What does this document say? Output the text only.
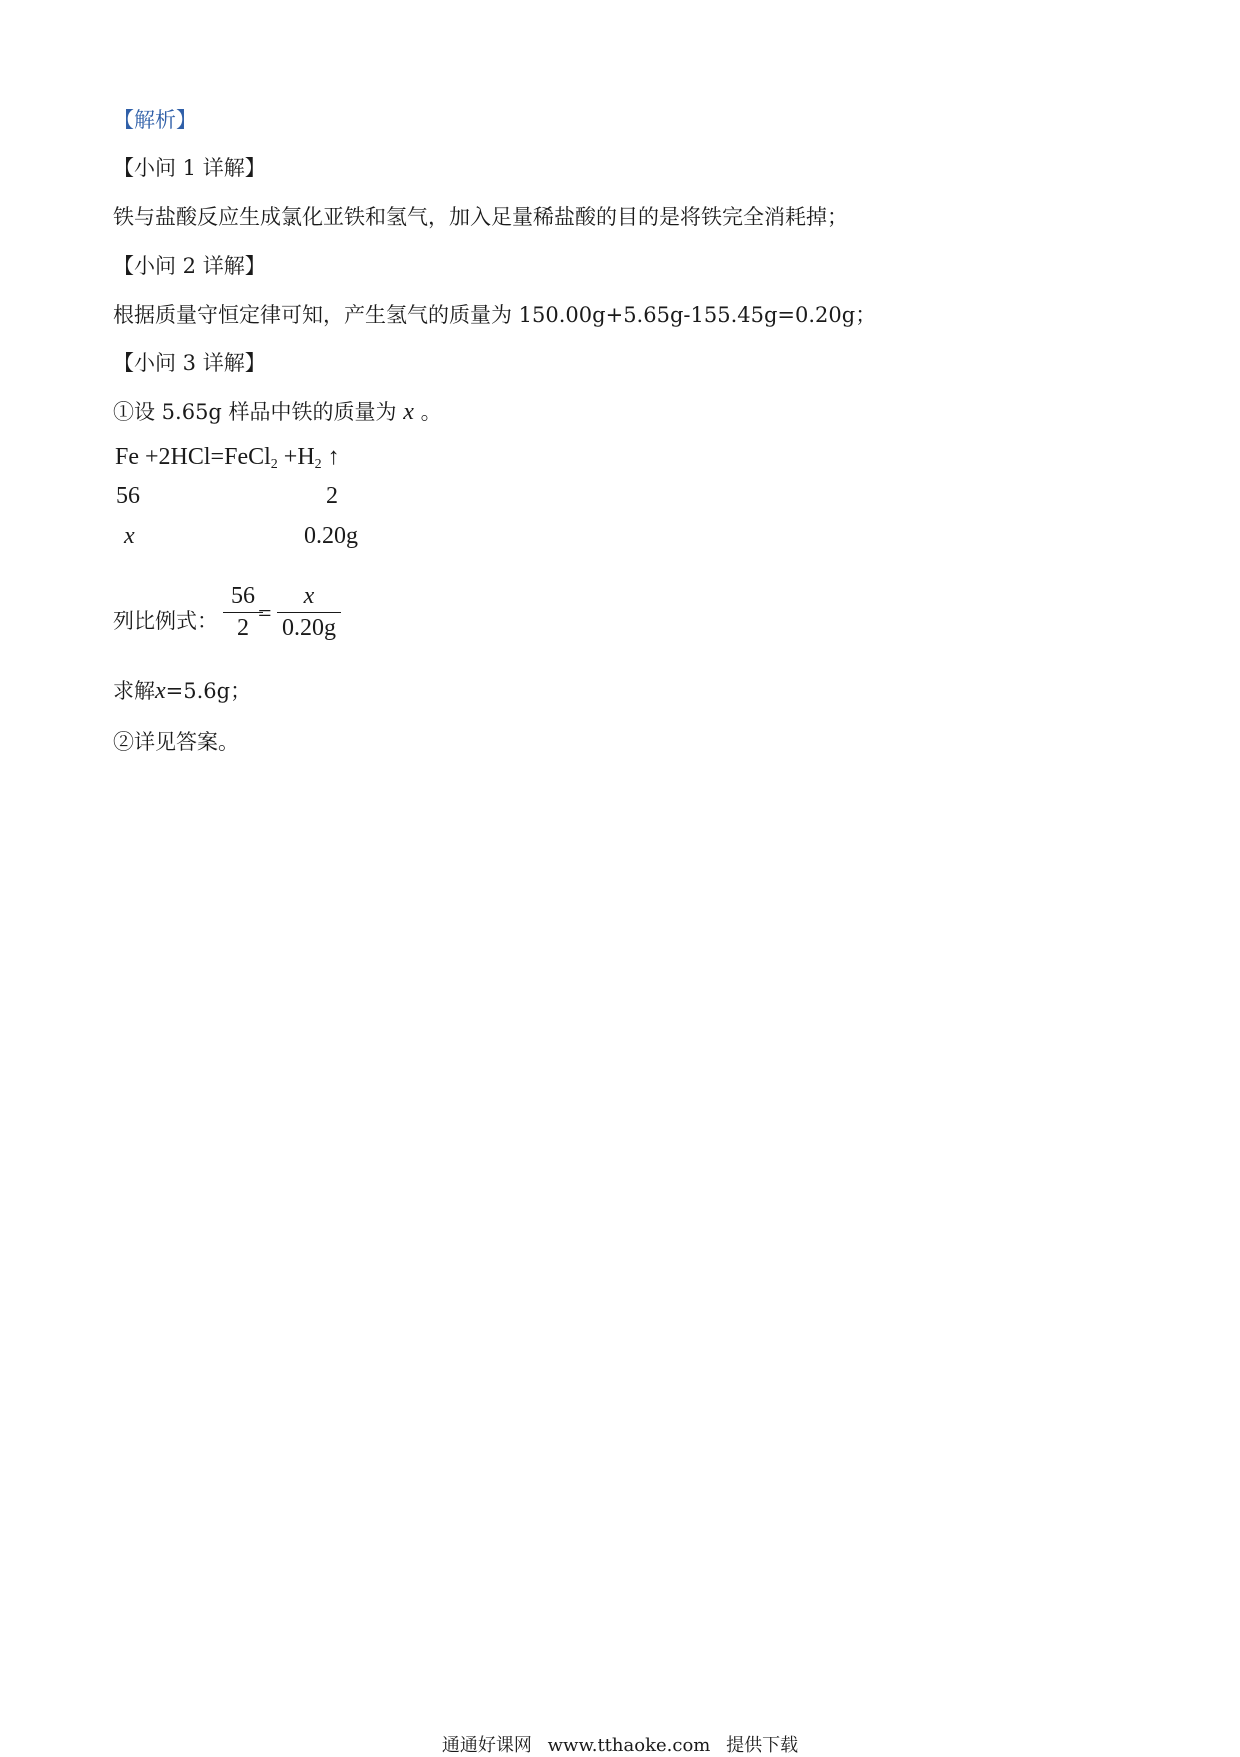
【解析】
【小问 1 详解】
铁与盐酸反应生成氯化亚铁和氢气，加入足量稀盐酸的目的是将铁完全消耗掉；
【小问 2 详解】
根据质量守恒定律可知，产生氢气的质量为 150.00g+5.65g-155.45g=0.20g；
【小问 3 详解】
①设 5.65g 样品中铁的质量为 x 。
Fe +2HCl=FeCl$_2$ $+H_2$ ↑
56	2
x	0.20g
列比例式：
56
2
=
x
0.20g
求解x=5.6g；
②详见答案。
通通好课网 www.tthaoke.com 提供下载
